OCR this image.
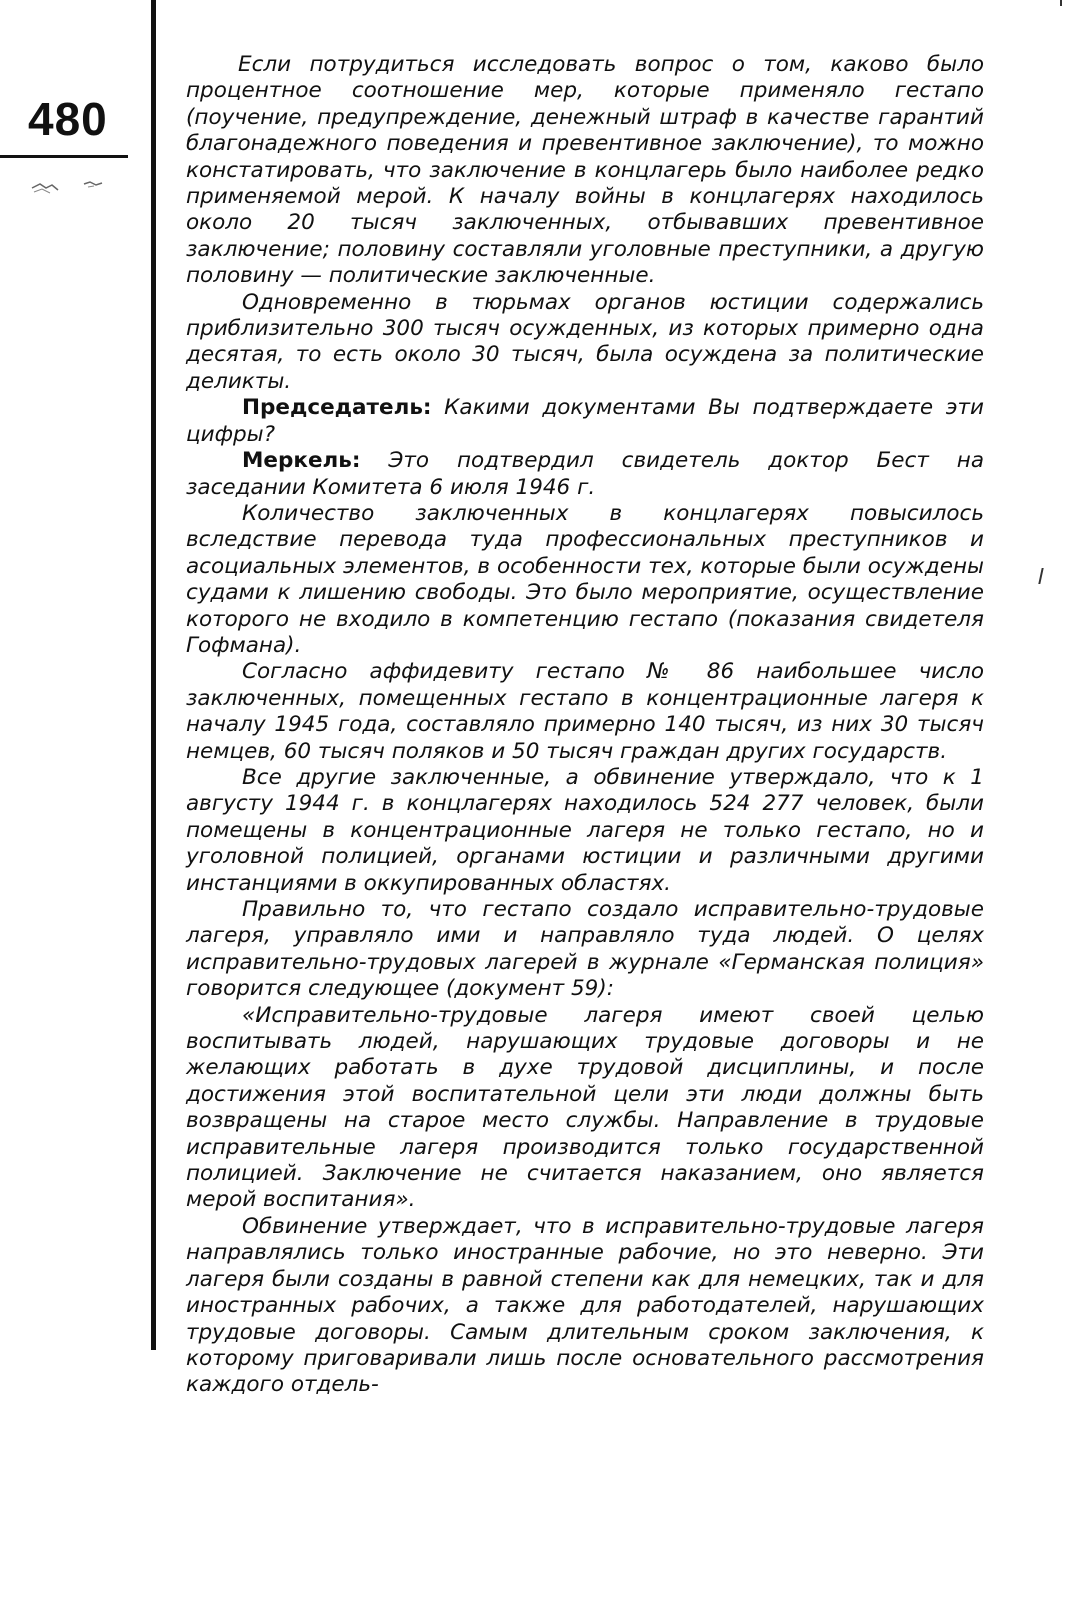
480

Если потрудиться исследовать вопрос о том, каково было процентное соотношение мер, которые применяло гестапо (поучение, предупреждение, денежный штраф в качестве гарантий благонадежного поведения и превентивное заключение), то можно констатировать, что заключение в концлагерь было наиболее редко применяемой мерой. К началу войны в концлагерях находилось около 20 тысяч заключенных, отбывавших превентивное заключение; половину составляли уголовные преступники, а другую половину — политические заключенные.

Одновременно в тюрьмах органов юстиции содержались приблизительно 300 тысяч осужденных, из которых примерно одна десятая, то есть около 30 тысяч, была осуждена за политические деликты.

Председатель: Какими документами Вы подтверждаете эти цифры?

Меркель: Это подтвердил свидетель доктор Бест на заседании Комитета 6 июля 1946 г.

Количество заключенных в концлагерях повысилось вследствие перевода туда профессиональных преступников и асоциальных элементов, в особенности тех, которые были осуждены судами к лишению свободы. Это было мероприятие, осуществление которого не входило в компетенцию гестапо (показания свидетеля Гофмана).

Согласно аффидевиту гестапо № 86 наибольшее число заключенных, помещенных гестапо в концентрационные лагеря к началу 1945 года, составляло примерно 140 тысяч, из них 30 тысяч немцев, 60 тысяч поляков и 50 тысяч граждан других государств.

Все другие заключенные, а обвинение утверждало, что к 1 августу 1944 г. в концлагерях находилось 524 277 человек, были помещены в концентрационные лагеря не только гестапо, но и уголовной полицией, органами юстиции и различными другими инстанциями в оккупированных областях.

Правильно то, что гестапо создало исправительно-трудовые лагеря, управляло ими и направляло туда людей. О целях исправительно-трудовых лагерей в журнале «Германская полиция» говорится следующее (документ 59):

«Исправительно-трудовые лагеря имеют своей целью воспитывать людей, нарушающих трудовые договоры и не желающих работать в духе трудовой дисциплины, и после достижения этой воспитательной цели эти люди должны быть возвращены на старое место службы. Направление в трудовые исправительные лагеря производится только государственной полицией. Заключение не считается наказанием, оно является мерой воспитания».

Обвинение утверждает, что в исправительно-трудовые лагеря направлялись только иностранные рабочие, но это неверно. Эти лагеря были созданы в равной степени как для немецких, так и для иностранных рабочих, а также для работодателей, нарушающих трудовые договоры. Самым длительным сроком заключения, к которому приговаривали лишь после основательного рассмотрения каждого отдель-
